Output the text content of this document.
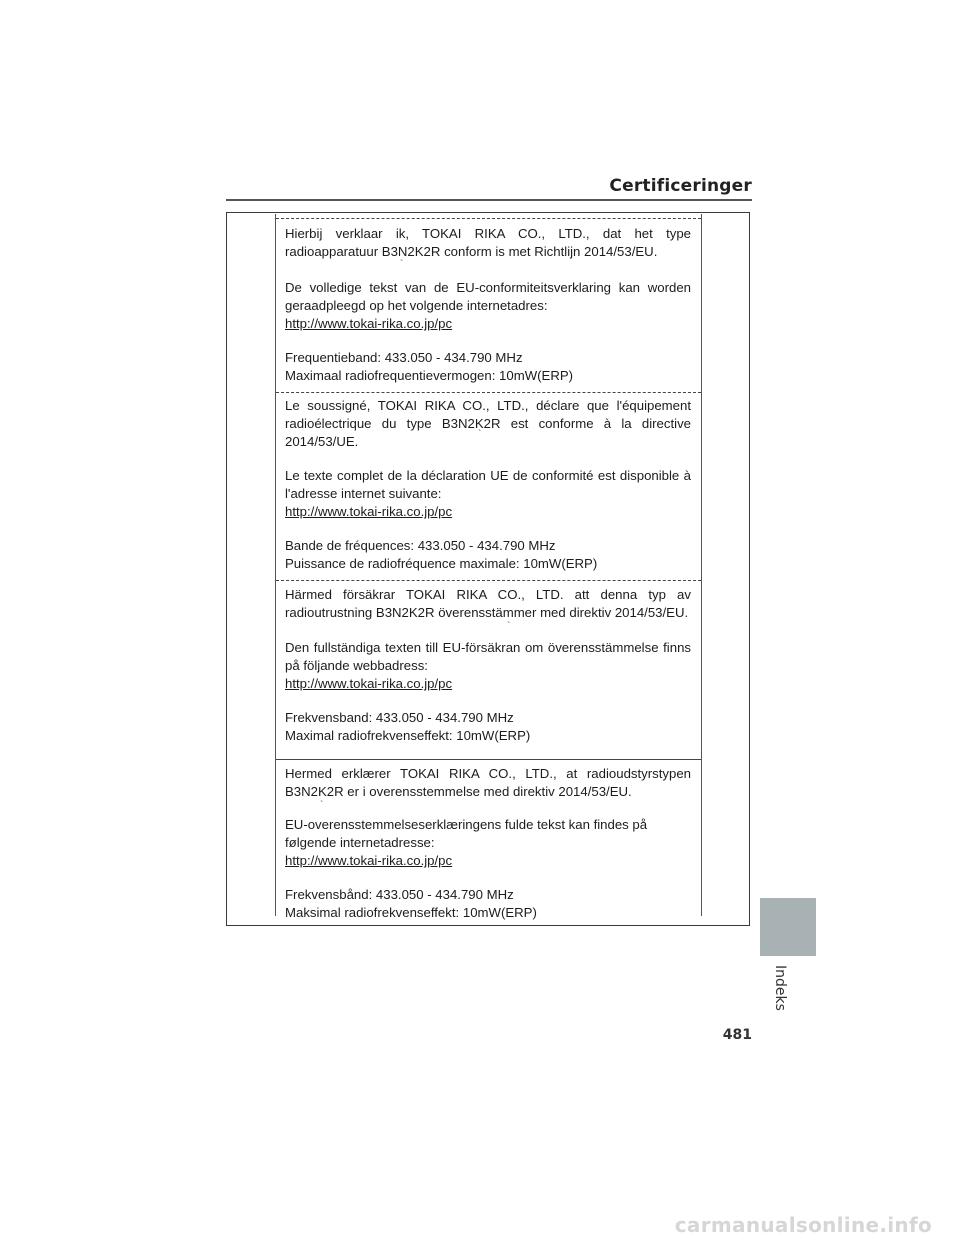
Certificeringer

Hierbij verklaar ik, TOKAI RIKA CO., LTD., dat het type

radioapparatuur B3N2K2R conform is met Richtlijn 2014/53/EU.

`

De volledige tekst van de EU-conformiteitsverklaring kan worden

geraadpleegd op het volgende internetadres:

http://www.tokai-rika.co.jp/pc

Frequentieband: 433.050 - 434.790 MHz

Maximaal radiofrequentievermogen: 10mW(ERP)

Le soussigné, TOKAI RIKA CO., LTD., déclare que l'équipement

radioélectrique du type B3N2K2R est conforme à la directive

2014/53/UE.	`

Le texte complet de la déclaration UE de conformité est disponible à

l'adresse internet suivante:

http://www.tokai-rika.co.jp/pc

Bande de fréquences: 433.050 - 434.790 MHz

Puissance de radiofréquence maximale: 10mW(ERP)

Härmed försäkrar TOKAI RIKA CO., LTD. att denna typ av

radioutrustning B3N2K2R överensstämmer med direktiv 2014/53/EU.

`

Den fullständiga texten till EU-försäkran om överensstämmelse finns

på följande webbadress:

http://www.tokai-rika.co.jp/pc

Frekvensband: 433.050 - 434.790 MHz

Maximal radiofrekvenseffekt: 10mW(ERP)

Hermed erklærer TOKAI RIKA CO., LTD., at radioudstyrstypen

B3N2K2R er i overensstemmelse med direktiv 2014/53/EU.

`

EU-overensstemmelseserklæringens fulde tekst kan findes på

følgende internetadresse:

http://www.tokai-rika.co.jp/pc

Frekvensbånd: 433.050 - 434.790 MHz

Maksimal radiofrekvenseffekt: 10mW(ERP)

Indeks
481
carmanualsonline.info
